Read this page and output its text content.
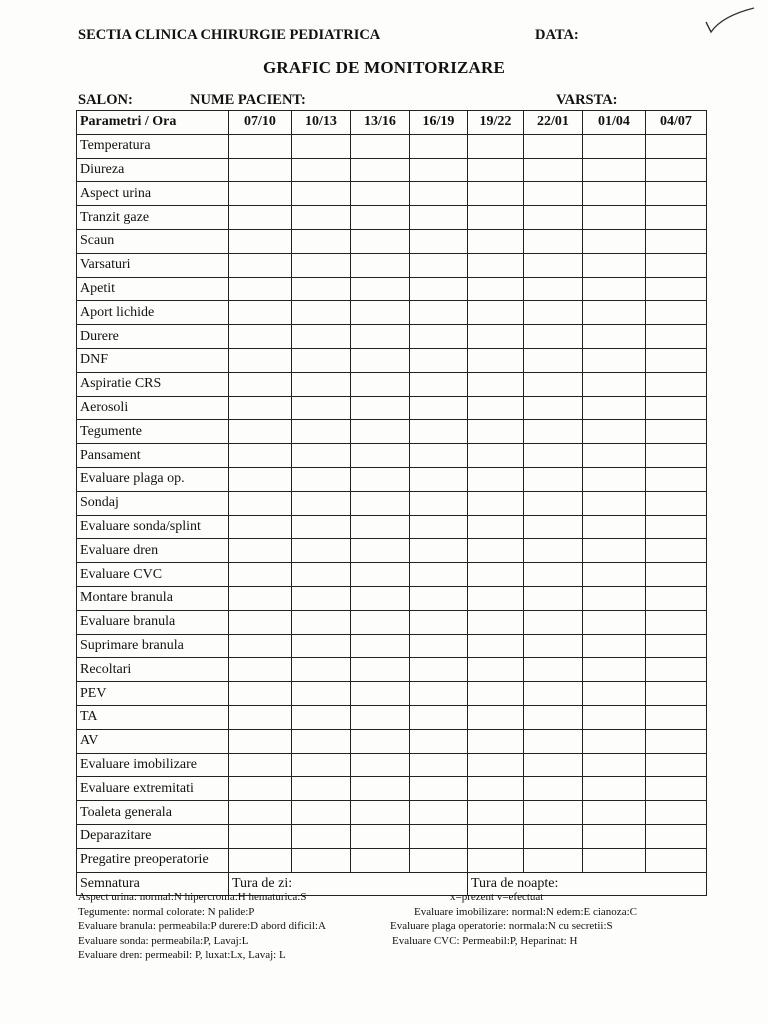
SECTIA CLINICA CHIRURGIE PEDIATRICA	DATA:
GRAFIC DE MONITORIZARE
SALON:	NUME PACIENT:	VARSTA:
Parametri / Ora	07/10	10/13	13/16	16/19	19/22	22/01	01/04	04/07
Temperatura								
Diureza								
Aspect urina								
Tranzit gaze								
Scaun								
Varsaturi								
Apetit								
Aport lichide								
Durere								
DNF								
Aspiratie CRS								
Aerosoli								
Tegumente								
Pansament								
Evaluare plaga op.								
Sondaj								
Evaluare sonda/splint								
Evaluare dren								
Evaluare CVC								
Montare branula								
Evaluare branula								
Suprimare branula								
Recoltari								
PEV								
TA								
AV								
Evaluare imobilizare								
Evaluare extremitati								
Toaleta generala								
Deparazitare								
Pregatire preoperatorie								
Semnatura	Tura de zi:				Tura de noapte:			
Aspect urina: normal:N hipercroma:H hematurica:S	x=prezent v=efectuat
Tegumente: normal colorate: N palide:P	Evaluare imobilizare: normal:N edem:E cianoza:C
Evaluare branula: permeabila:P durere:D abord dificil:A	Evaluare plaga operatorie: normala:N cu secretii:S
Evaluare sonda: permeabila:P, Lavaj:L	Evaluare CVC: Permeabil:P, Heparinat: H
Evaluare dren: permeabil: P, luxat:Lx, Lavaj: L
